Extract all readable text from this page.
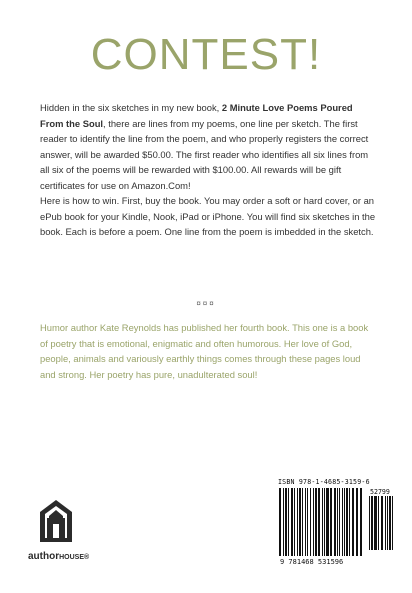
CONTEST!

Hidden in the six sketches in my new book, 2 Minute Love Poems Poured From the Soul, there are lines from my poems, one line per sketch. The first reader to identify the line from the poem, and who properly registers the correct answer, will be awarded $50.00. The first reader who identifies all six lines from all six of the poems will be rewarded with $100.00. All rewards will be gift certificates for use on Amazon.Com!

Here is how to win. First, buy the book. You may order a soft or hard cover, or an ePub book for your Kindle, Nook, iPad or iPhone. You will find six sketches in the book. Each is before a poem. One line from the poem is imbedded in the sketch.

¤¤¤
Humor author Kate Reynolds has published her fourth book. This one is a book of poetry that is emotional, enigmatic and often humorous. Her love of God, people, animals and variously earthly things comes through these pages loud and strong. Her poetry has pure, unadulterated soul!
authorHOUSE®
ISBN 978-1-4685-3159-6
52799
9 781468 531596
